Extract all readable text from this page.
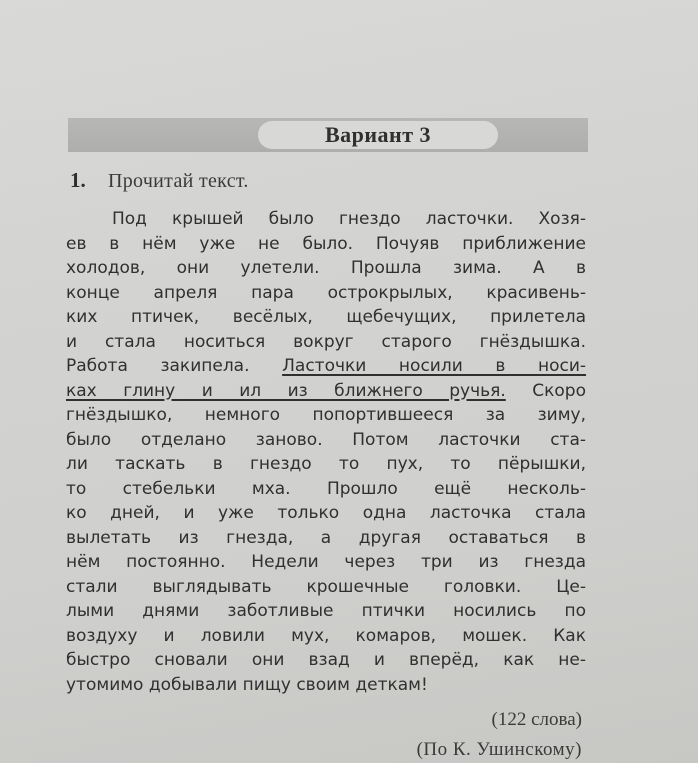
Вариант 3
1. Прочитай текст.
Под крышей было гнездо ласточки. Хозя-
ев в нём уже не было. Почуяв приближение
холодов, они улетели. Прошла зима. А в
конце апреля пара острокрылых, красивень-
ких птичек, весёлых, щебечущих, прилетела
и стала носиться вокруг старого гнёздышка.
Работа закипела. Ласточки носили в носи-
ках глину и ил из ближнего ручья. Скоро
гнёздышко, немного попортившееся за зиму,
было отделано заново. Потом ласточки ста-
ли таскать в гнездо то пух, то пёрышки,
то стебельки мха. Прошло ещё несколь-
ко дней, и уже только одна ласточка стала
вылетать из гнезда, а другая оставаться в
нём постоянно. Недели через три из гнезда
стали выглядывать крошечные головки. Це-
лыми днями заботливые птички носились по
воздуху и ловили мух, комаров, мошек. Как
быстро сновали они взад и вперёд, как не-
утомимо добывали пищу своим деткам!
(122 слова)
(По К. Ушинскому)
